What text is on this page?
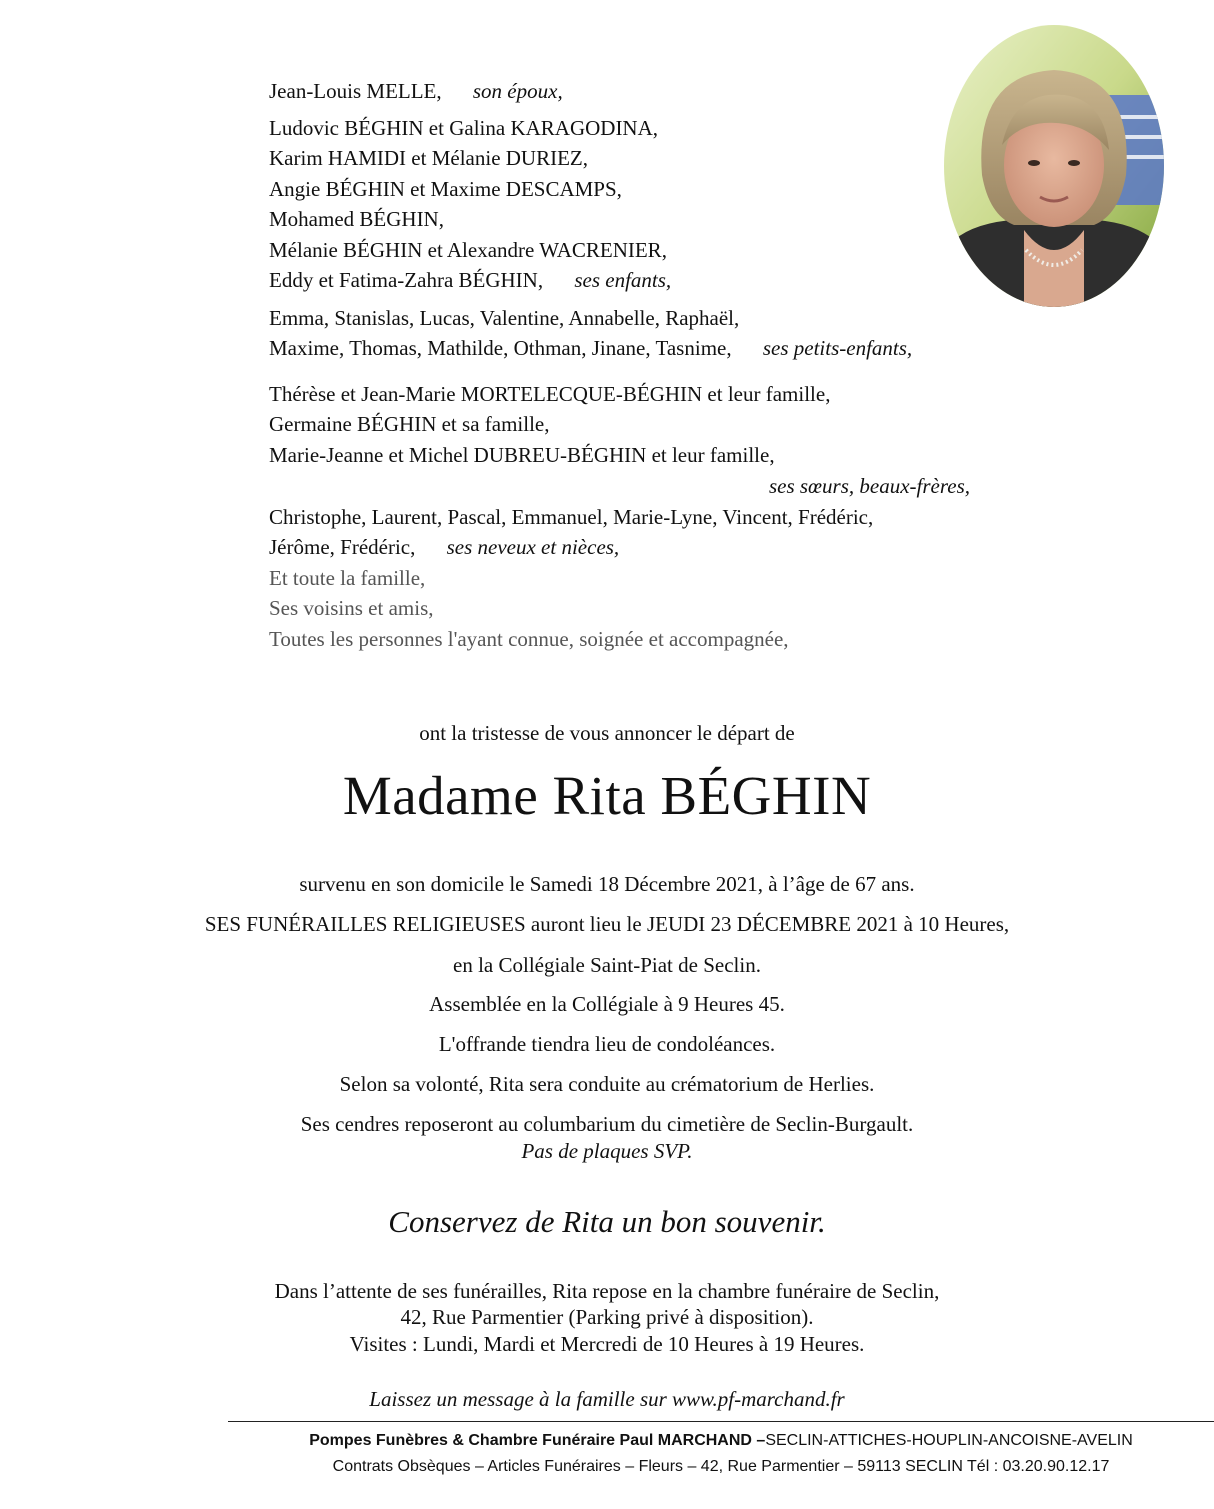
Jean-Louis MELLE, son époux,
Ludovic BÉGHIN et Galina KARAGODINA,
Karim HAMIDI et Mélanie DURIEZ,
Angie BÉGHIN et Maxime DESCAMPS,
Mohamed BÉGHIN,
Mélanie BÉGHIN et Alexandre WACRENIER,
Eddy et Fatima-Zahra BÉGHIN, ses enfants,
Emma, Stanislas, Lucas, Valentine, Annabelle, Raphaël,
Maxime, Thomas, Mathilde, Othman, Jinane, Tasnime, ses petits-enfants,
Thérèse et Jean-Marie MORTELECQUE-BÉGHIN et leur famille,
Germaine BÉGHIN et sa famille,
Marie-Jeanne et Michel DUBREU-BÉGHIN et leur famille,
ses sœurs, beaux-frères,
Christophe, Laurent, Pascal, Emmanuel, Marie-Lyne, Vincent, Frédéric,
Jérôme, Frédéric, ses neveux et nièces,
Et toute la famille,
Ses voisins et amis,
Toutes les personnes l'ayant connue, soignée et accompagnée,
ont la tristesse de vous annoncer le départ de
Madame Rita BÉGHIN
survenu en son domicile le Samedi 18 Décembre 2021, à l’âge de 67 ans.
SES FUNÉRAILLES RELIGIEUSES auront lieu le JEUDI 23 DÉCEMBRE 2021 à 10 Heures,
en la Collégiale Saint-Piat de Seclin.
Assemblée en la Collégiale à 9 Heures 45.
L'offrande tiendra lieu de condoléances.
Selon sa volonté, Rita sera conduite au crématorium de Herlies.
Ses cendres reposeront au columbarium du cimetière de Seclin-Burgault.
Pas de plaques SVP.
Conservez de Rita un bon souvenir.
Dans l’attente de ses funérailles, Rita repose en la chambre funéraire de Seclin,
42, Rue Parmentier (Parking privé à disposition).
Visites : Lundi, Mardi et Mercredi de 10 Heures à 19 Heures.
Laissez un message à la famille sur www.pf-marchand.fr
Pompes Funèbres & Chambre Funéraire Paul MARCHAND –SECLIN-ATTICHES-HOUPLIN-ANCOISNE-AVELIN
Contrats Obsèques – Articles Funéraires – Fleurs – 42, Rue Parmentier – 59113 SECLIN Tél : 03.20.90.12.17
